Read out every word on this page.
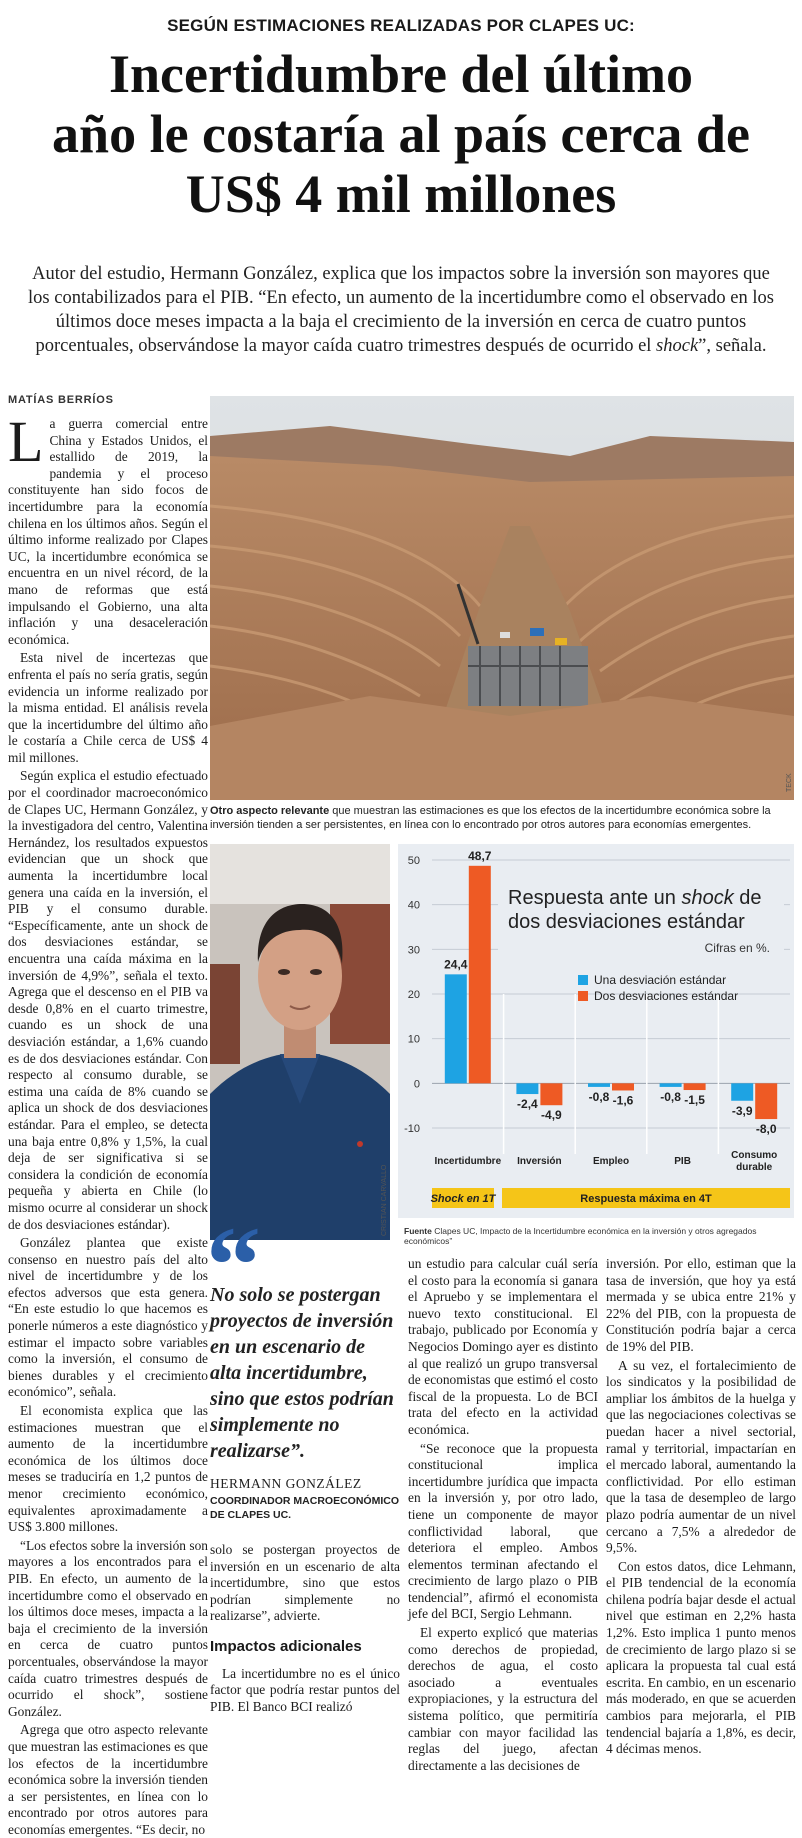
SEGÚN ESTIMACIONES REALIZADAS POR CLAPES UC:
Incertidumbre del último
año le costaría al país cerca de
US$ 4 mil millones
Autor del estudio, Hermann González, explica que los impactos sobre la inversión son mayores que los contabilizados para el PIB. “En efecto, un aumento de la incertidumbre como el observado en los últimos doce meses impacta a la baja el crecimiento de la inversión en cerca de cuatro puntos porcentuales, observándose la mayor caída cuatro trimestres después de ocurrido el shock”, señala.
MATÍAS BERRÍOS

La guerra comercial entre China y Estados Unidos, el estallido de 2019, la pandemia y el proceso constituyente han sido focos de incertidumbre para la economía chilena en los últimos años. Según el último informe realizado por Clapes UC, la incertidumbre económica se encuentra en un nivel récord, de la mano de reformas que está impulsando el Gobierno, una alta inflación y una desaceleración económica.

Esta nivel de incertezas que enfrenta el país no sería gratis, según evidencia un informe realizado por la misma entidad. El análisis revela que la incertidumbre del último año le costaría a Chile cerca de US$ 4 mil millones.

Según explica el estudio efectuado por el coordinador macroeconómico de Clapes UC, Hermann González, y la investigadora del centro, Valentina Hernández, los resultados expuestos evidencian que un shock que aumenta la incertidumbre local genera una caída en la inversión, el PIB y el consumo durable. “Específicamente, ante un shock de dos desviaciones estándar, se encuentra una caída máxima en la inversión de 4,9%”, señala el texto. Agrega que el descenso en el PIB va desde 0,8% en el cuarto trimestre, cuando es un shock de una desviación estándar, a 1,6% cuando es de dos desviaciones estándar. Con respecto al consumo durable, se estima una caída de 8% cuando se aplica un shock de dos desviaciones estándar. Para el empleo, se detecta una baja entre 0,8% y 1,5%, la cual deja de ser significativa si se considera la condición de economía pequeña y abierta en Chile (lo mismo ocurre al considerar un shock de dos desviaciones estándar).

González plantea que existe consenso en nuestro país del alto nivel de incertidumbre y de los efectos adversos que esta genera. “En este estudio lo que hacemos es ponerle números a este diagnóstico y estimar el impacto sobre variables como la inversión, el consumo de bienes durables y el crecimiento económico”, señala.

El economista explica que las estimaciones muestran que el aumento de la incertidumbre económica de los últimos doce meses se traduciría en 1,2 puntos de menor crecimiento económico, equivalentes aproximadamente a US$ 3.800 millones.

“Los efectos sobre la inversión son mayores a los encontrados para el PIB. En efecto, un aumento de la incertidumbre como el observado en los últimos doce meses, impacta a la baja el crecimiento de la inversión en cerca de cuatro puntos porcentuales, observándose la mayor caída cuatro trimestres después de ocurrido el shock”, sostiene González.

Agrega que otro aspecto relevante que muestran las estimaciones es que los efectos de la incertidumbre económica sobre la inversión tienden a ser persistentes, en línea con lo encontrado por otros autores para economías emergentes. “Es decir, no

TECK
Otro aspecto relevante que muestran las estimaciones es que los efectos de la incertidumbre económica sobre la inversión tienden a ser persistentes, en línea con lo encontrado por otros autores para economías emergentes.
CRISTIAN CARVALLO
50
40
30
20
10
0
-10
24,4
48,7
Incertidumbre
-2,4
-4,9
Inversión
-0,8 -1,6
Empleo
-0,8 -1,5
PIB
-3,9
-8,0
Consumo
durable
Respuesta ante un shock de
dos desviaciones estándar
Cifras en %.
Una desviación estándar
Dos desviaciones estándar
Shock en 1T	Respuesta máxima en 4T
Fuente Clapes UC, Impacto de la Incertidumbre económica en la inversión y otros agregados económicos”
“
No solo se postergan proyectos de inversión en un escenario de alta incertidumbre, sino que estos podrían simplemente no realizarse”.
HERMANN GONZÁLEZ
COORDINADOR MACROECONÓMICO DE CLAPES UC.

solo se postergan proyectos de inversión en un escenario de alta incertidumbre, sino que estos podrían simplemente no realizarse”, advierte.

Impactos adicionales

La incertidumbre no es el único factor que podría restar puntos del PIB. El Banco BCI realizó

un estudio para calcular cuál sería el costo para la economía si ganara el Apruebo y se implementara el nuevo texto constitucional. El trabajo, publicado por Economía y Negocios Domingo ayer es distinto al que realizó un grupo transversal de economistas que estimó el costo fiscal de la propuesta. Lo de BCI trata del efecto en la actividad económica.

“Se reconoce que la propuesta constitucional implica incertidumbre jurídica que impacta en la inversión y, por otro lado, tiene un componente de mayor conflictividad laboral, que deteriora el empleo. Ambos elementos terminan afectando el crecimiento de largo plazo o PIB tendencial”, afirmó el economista jefe del BCI, Sergio Lehmann.

El experto explicó que materias como derechos de propiedad, derechos de agua, el costo asociado a eventuales expropiaciones, y la estructura del sistema político, que permitiría cambiar con mayor facilidad las reglas del juego, afectan directamente a las decisiones de

inversión. Por ello, estiman que la tasa de inversión, que hoy ya está mermada y se ubica entre 21% y 22% del PIB, con la propuesta de Constitución podría bajar a cerca de 19% del PIB.

A su vez, el fortalecimiento de los sindicatos y la posibilidad de ampliar los ámbitos de la huelga y que las negociaciones colectivas se puedan hacer a nivel sectorial, ramal y territorial, impactarían en el mercado laboral, aumentando la conflictividad. Por ello estiman que la tasa de desempleo de largo plazo podría aumentar de un nivel cercano a 7,5% a alrededor de 9,5%.

Con estos datos, dice Lehmann, el PIB tendencial de la economía chilena podría bajar desde el actual nivel que estiman en 2,2% hasta 1,2%. Esto implica 1 punto menos de crecimiento de largo plazo si se aplicara la propuesta tal cual está escrita. En cambio, en un escenario más moderado, en que se acuerden cambios para mejorarla, el PIB tendencial bajaría a 1,8%, es decir, 4 décimas menos.
